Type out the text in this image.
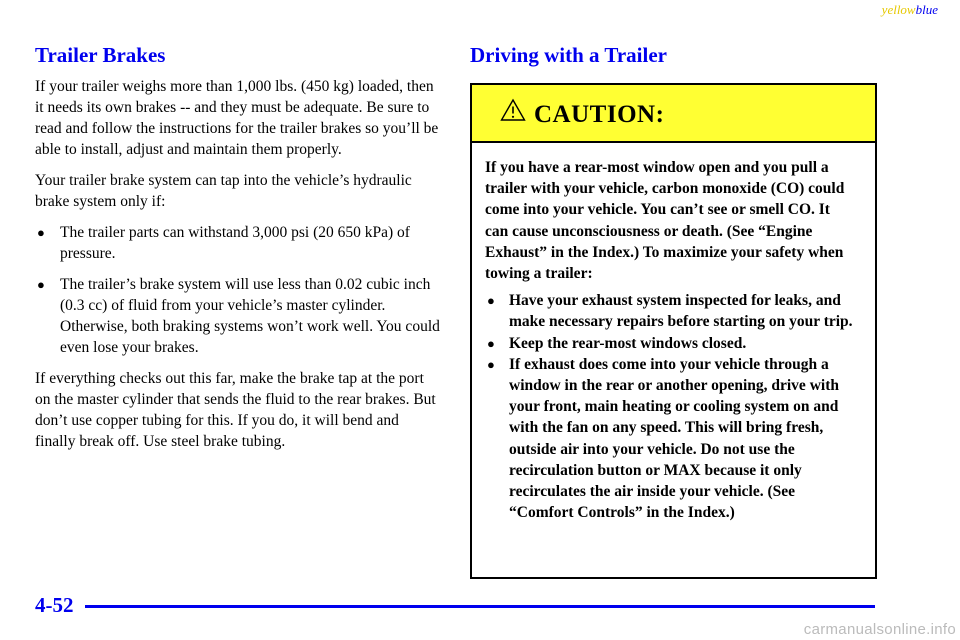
yellowblue
Trailer Brakes

If your trailer weighs more than 1,000 lbs. (450 kg) loaded, then it needs its own brakes -- and they must be adequate. Be sure to read and follow the instructions for the trailer brakes so you’ll be able to install, adjust and maintain them properly.

Your trailer brake system can tap into the vehicle’s hydraulic brake system only if:

● The trailer parts can withstand 3,000 psi (20 650 kPa) of pressure.
● The trailer’s brake system will use less than 0.02 cubic inch (0.3 cc) of fluid from your vehicle’s master cylinder. Otherwise, both braking systems won’t work well. You could even lose your brakes.

If everything checks out this far, make the brake tap at the port on the master cylinder that sends the fluid to the rear brakes. But don’t use copper tubing for this. If you do, it will bend and finally break off. Use steel brake tubing.

Driving with a Trailer
CAUTION:

If you have a rear-most window open and you pull a trailer with your vehicle, carbon monoxide (CO) could come into your vehicle. You can’t see or smell CO. It can cause unconsciousness or death. (See “Engine Exhaust” in the Index.) To maximize your safety when towing a trailer:

● Have your exhaust system inspected for leaks, and make necessary repairs before starting on your trip.
● Keep the rear-most windows closed.
● If exhaust does come into your vehicle through a window in the rear or another opening, drive with your front, main heating or cooling system on and with the fan on any speed. This will bring fresh, outside air into your vehicle. Do not use the recirculation button or MAX because it only recirculates the air inside your vehicle. (See “Comfort Controls” in the Index.)
4-52
carmanualsonline.info
